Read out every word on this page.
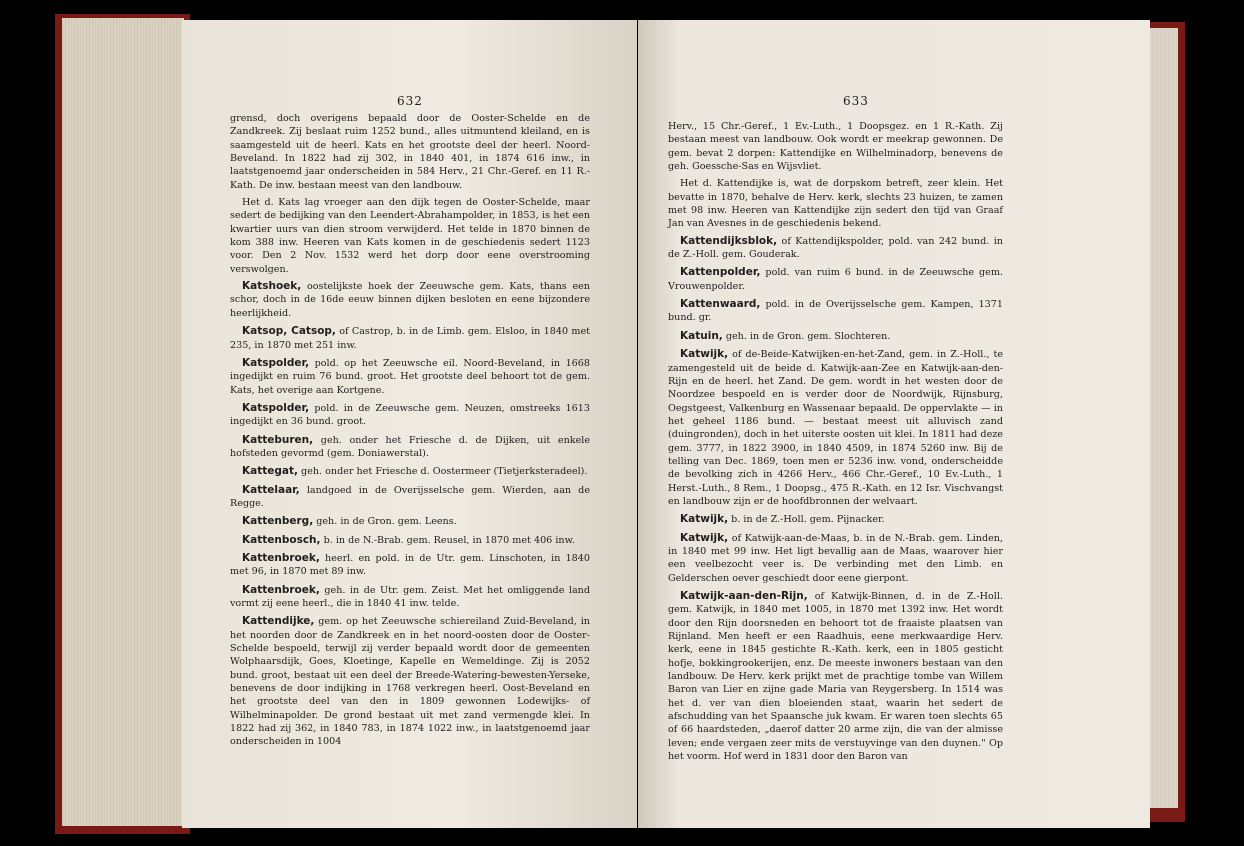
632

grensd, doch overigens bepaald door de Ooster-Schelde en de Zandkreek. Zij beslaat ruim 1252 bund., alles uitmuntend kleiland, en is saamgesteld uit de heerl. Kats en het grootste deel der heerl. Noord-Beveland. In 1822 had zij 302, in 1840 401, in 1874 616 inw., in laatstgenoemd jaar onderscheiden in 584 Herv., 21 Chr.-Geref. en 11 R.-Kath. De inw. bestaan meest van den landbouw.

Het d. Kats lag vroeger aan den dijk tegen de Ooster-Schelde, maar sedert de bedijking van den Leendert-Abrahampolder, in 1853, is het een kwartier uurs van dien stroom verwijderd. Het telde in 1870 binnen de kom 388 inw. Heeren van Kats komen in de geschiedenis sedert 1123 voor. Den 2 Nov. 1532 werd het dorp door eene overstrooming verswolgen.

Katshoek, oostelijkste hoek der Zeeuwsche gem. Kats, thans een schor, doch in de 16de eeuw binnen dijken besloten en eene bijzondere heerlijkheid.

Katsop, Catsop, of Castrop, b. in de Limb. gem. Elsloo, in 1840 met 235, in 1870 met 251 inw.

Katspolder, pold. op het Zeeuwsche eil. Noord-Beveland, in 1668 ingedijkt en ruim 76 bund. groot. Het grootste deel behoort tot de gem. Kats, het overige aan Kortgene.

Katspolder, pold. in de Zeeuwsche gem. Neuzen, omstreeks 1613 ingedijkt en 36 bund. groot.

Katteburen, geh. onder het Friesche d. de Dijken, uit enkele hofsteden gevormd (gem. Doniawerstal).

Kattegat, geh. onder het Friesche d. Oostermeer (Tietjerksteradeel).

Kattelaar, landgoed in de Overijsselsche gem. Wierden, aan de Regge.

Kattenberg, geh. in de Gron. gem. Leens.

Kattenbosch, b. in de N.-Brab. gem. Reusel, in 1870 met 406 inw.

Kattenbroek, heerl. en pold. in de Utr. gem. Linschoten, in 1840 met 96, in 1870 met 89 inw.

Kattenbroek, geh. in de Utr. gem. Zeist. Met het omliggende land vormt zij eene heerl., die in 1840 41 inw. telde.

Kattendijke, gem. op het Zeeuwsche schiereiland Zuid-Beveland, in het noorden door de Zandkreek en in het noord-oosten door de Ooster-Schelde bespoeld, terwijl zij verder bepaald wordt door de gemeenten Wolphaarsdijk, Goes, Kloetinge, Kapelle en Wemeldinge. Zij is 2052 bund. groot, bestaat uit een deel der Breede-Watering-bewesten-Yerseke, benevens de door indijking in 1768 verkregen heerl. Oost-Beveland en het grootste deel van den in 1809 gewonnen Lodewijks- of Wilhelminapolder. De grond bestaat uit met zand vermengde klei. In 1822 had zij 362, in 1840 783, in 1874 1022 inw., in laatstgenoemd jaar onderscheiden in 1004

633

Herv., 15 Chr.-Geref., 1 Ev.-Luth., 1 Doopsgez. en 1 R.-Kath. Zij bestaan meest van landbouw. Ook wordt er meekrap gewonnen. De gem. bevat 2 dorpen: Kattendijke en Wilhelminadorp, benevens de geh. Goessche-Sas en Wijsvliet.

Het d. Kattendijke is, wat de dorpskom betreft, zeer klein. Het bevatte in 1870, behalve de Herv. kerk, slechts 23 huizen, te zamen met 98 inw. Heeren van Kattendijke zijn sedert den tijd van Graaf Jan van Avesnes in de geschiedenis bekend.

Kattendijksblok, of Kattendijkspolder, pold. van 242 bund. in de Z.-Holl. gem. Gouderak.

Kattenpolder, pold. van ruim 6 bund. in de Zeeuwsche gem. Vrouwenpolder.

Kattenwaard, pold. in de Overijsselsche gem. Kampen, 1371 bund. gr.

Katuin, geh. in de Gron. gem. Slochteren.

Katwijk, of de-Beide-Katwijken-en-het-Zand, gem. in Z.-Holl., te zamengesteld uit de beide d. Katwijk-aan-Zee en Katwijk-aan-den-Rijn en de heerl. het Zand. De gem. wordt in het westen door de Noordzee bespoeld en is verder door de Noordwijk, Rijnsburg, Oegstgeest, Valkenburg en Wassenaar bepaald. De oppervlakte — in het geheel 1186 bund. — bestaat meest uit alluvisch zand (duingronden), doch in het uiterste oosten uit klei. In 1811 had deze gem. 3777, in 1822 3900, in 1840 4509, in 1874 5260 inw. Bij de telling van Dec. 1869, toen men er 5236 inw. vond, onderscheidde de bevolking zich in 4266 Herv., 466 Chr.-Geref., 10 Ev.-Luth., 1 Herst.-Luth., 8 Rem., 1 Doopsg., 475 R.-Kath. en 12 Isr. Vischvangst en landbouw zijn er de hoofdbronnen der welvaart.

Katwijk, b. in de Z.-Holl. gem. Pijnacker.

Katwijk, of Katwijk-aan-de-Maas, b. in de N.-Brab. gem. Linden, in 1840 met 99 inw. Het ligt bevallig aan de Maas, waarover hier een veelbezocht veer is. De verbinding met den Limb. en Gelderschen oever geschiedt door eene gierpont.

Katwijk-aan-den-Rijn, of Katwijk-Binnen, d. in de Z.-Holl. gem. Katwijk, in 1840 met 1005, in 1870 met 1392 inw. Het wordt door den Rijn doorsneden en behoort tot de fraaiste plaatsen van Rijnland. Men heeft er een Raadhuis, eene merkwaardige Herv. kerk, eene in 1845 gestichte R.-Kath. kerk, een in 1805 gesticht hofje, bokkingrookerijen, enz. De meeste inwoners bestaan van den landbouw. De Herv. kerk prijkt met de prachtige tombe van Willem Baron van Lier en zijne gade Maria van Reygersberg. In 1514 was het d. ver van dien bloeienden staat, waarin het sedert de afschudding van het Spaansche juk kwam. Er waren toen slechts 65 of 66 haardsteden, „daerof datter 20 arme zijn, die van der almisse leven; ende vergaen zeer mits de verstuyvinge van den duynen." Op het voorm. Hof werd in 1831 door den Baron van
